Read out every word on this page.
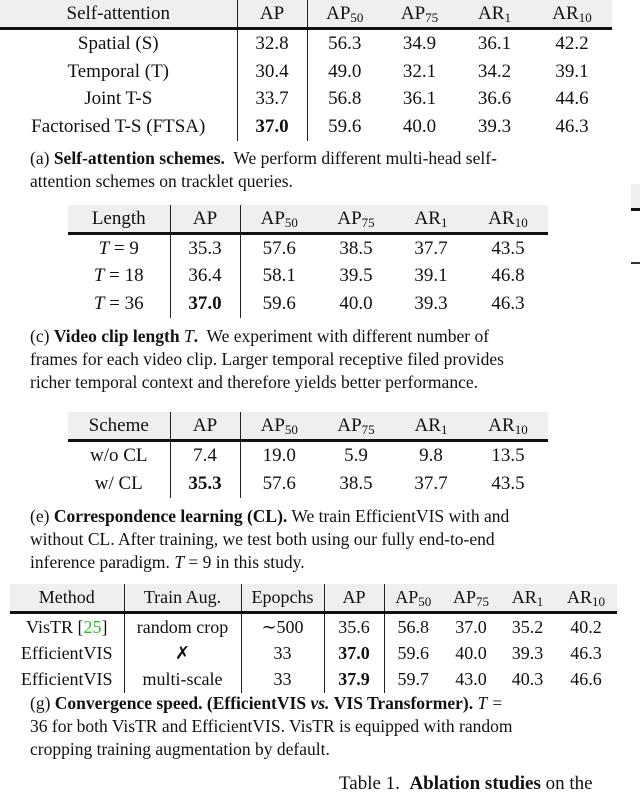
Self-attention	AP	$AP_{50}$	$AP_{75}$	$AR_1$	$AR_{10}$
Spatial (S)	32.8	56.3	34.9	36.1	42.2
Temporal (T)	30.4	49.0	32.1	34.2	39.1
Joint T-S	33.7	56.8	36.1	36.6	44.6
Factorised T-S (FTSA)	37.0	59.6	40.0	39.3	46.3
(a) Self-attention schemes. We perform different multi-head self-
attention schemes on tracklet queries.
Length	AP	$AP_{50}$	$AP_{75}$	$AR_1$	$AR_{10}$
T = 9	35.3	57.6	38.5	37.7	43.5
T = 18	36.4	58.1	39.5	39.1	46.8
T = 36	37.0	59.6	40.0	39.3	46.3
(c) Video clip length T. We experiment with different number of
frames for each video clip. Larger temporal receptive filed provides
richer temporal context and therefore yields better performance.
Scheme	AP	$AP_{50}$	$AP_{75}$	$AR_1$	$AR_{10}$
w/o CL	7.4	19.0	5.9	9.8	13.5
w/ CL	35.3	57.6	38.5	37.7	43.5
(e) Correspondence learning (CL). We train EfficientVIS with and
without CL. After training, we test both using our fully end-to-end
inference paradigm. T = 9 in this study.
Method	Train Aug.	Epopchs	AP	$AP_{50}$	$AP_{75}$	$AR_1$	$AR_{10}$
VisTR [25]	random crop	∼500	35.6	56.8	37.0	35.2	40.2
EfficientVIS	✗	33	37.0	59.6	40.0	39.3	46.3
EfficientVIS	multi-scale	33	37.9	59.7	43.0	40.3	46.6
(g) Convergence speed. (EfficientVIS vs. VIS Transformer). T =
36 for both VisTR and EfficientVIS. VisTR is equipped with random
cropping training augmentation by default.
Table 1. Ablation studies on the
